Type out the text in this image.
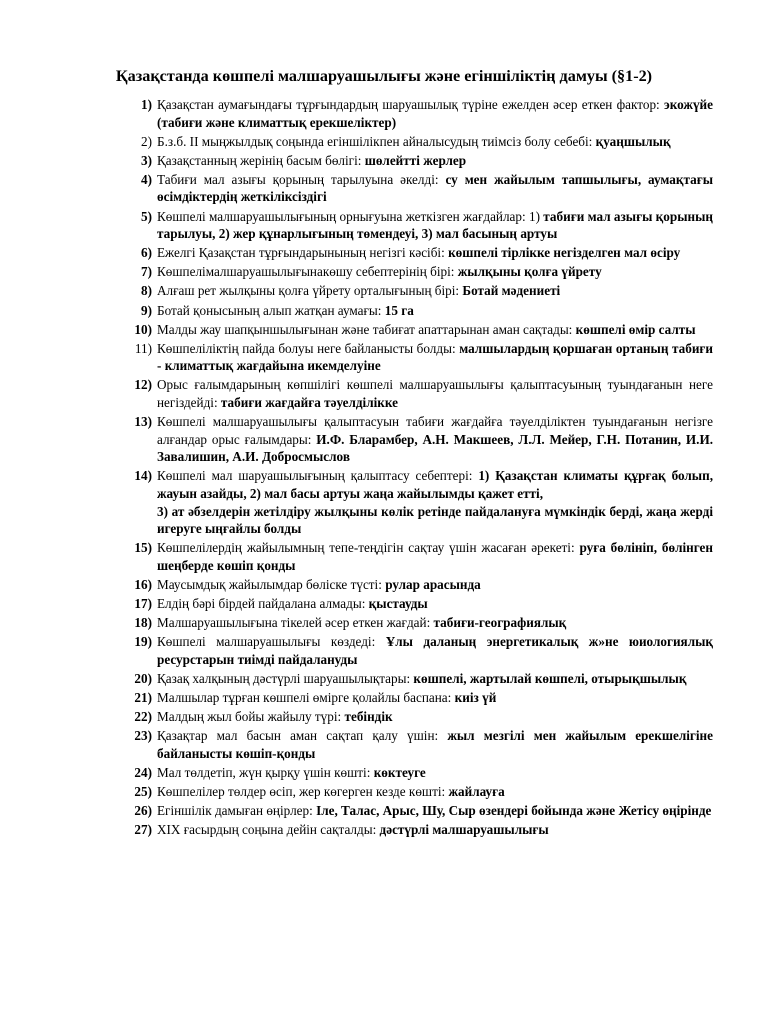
Қазақстанда көшпелі малшаруашылығы және егіншіліктің дамуы (§1-2)
1) Қазақстан аумағындағы тұрғындардың шаруашылық түріне ежелден әсер еткен фактор: экожүйе (табиғи және климаттық ерекшеліктер)
2) Б.з.б. II мыңжылдық соңында егіншілікпен айналысудың тиімсіз болу себебі: қуаңшылық
3) Қазақстанның жерінің басым бөлігі: шөлейтті жерлер
4) Табиғи мал азығы қорының тарылуына әкелді: су мен жайылым тапшылығы, аумақтағы өсімдіктердің жеткіліксіздігі
5) Көшпелі малшаруашылығының орнығуына жеткізген жағдайлар: 1) табиғи мал азығы қорының тарылуы, 2) жер құнарлығының төмендеуі, 3) мал басының артуы
6) Ежелгі Қазақстан тұрғындарынының негізгі кәсібі: көшпелі тірлікке негізделген мал өсіру
7) Көшпелімалшаруашылығынакөшу себептерінің бірі: жылқыны қолға үйрету
8) Алғаш рет жылқыны қолға үйрету орталығының бірі: Ботай мәдениеті
9) Ботай қонысының алып жатқан аумағы: 15 га
10) Малды жау шапқыншылығынан және табиғат апаттарынан аман сақтады: көшпелі өмір салты
11) Көшпеліліктің пайда болуы неге байланысты болды: малшылардың қоршаған ортаның табиғи - климаттық жағдайына икемделуіне
12) Орыс ғалымдарының көпшілігі көшпелі малшаруашылығы қалыптасуының туындағанын неге негіздейді: табиғи жағдайға тәуелділікке
13) Көшпелі малшаруашылығы қалыптасуын табиғи жағдайға тәуелділіктен туындағанын негізге алғандар орыс ғалымдары: И.Ф. Бларамбер, А.Н. Макшеев, Л.Л. Мейер, Г.Н. Потанин, И.И. Завалишин, А.И. Добросмыслов
14) Көшпелі мал шаруашылығының қалыптасу себептері: 1) Қазақстан климаты құрғақ болып, жауын азайды, 2) мал басы артуы жаңа жайылымды қажет етті,
3) ат әбзелдерін жетілдіру жылқыны көлік ретінде пайдалануға мүмкіндік берді, жаңа жерді игеруге ыңғайлы болды
15) Көшпелілердің жайылымның тепе-теңдігін сақтау үшін жасаған әрекеті: руға бөлініп, бөлінген шеңберде көшіп қонды
16) Маусымдық жайылымдар бөліске түсті: рулар арасында
17) Елдің бәрі бірдей пайдалана алмады: қыстауды
18) Малшаруашылығына тікелей әсер еткен жағдай: табиғи-географиялық
19) Көшпелі малшаруашылығы көздеді: Ұлы даланың энергетикалық ж»не юиологиялық ресурстарын тиімді пайдалануды
20) Қазақ халқының дәстүрлі шаруашылықтары: көшпелі, жартылай көшпелі, отырықшылық
21) Малшылар тұрған көшпелі өмірге қолайлы баспана: киіз үй
22) Малдың жыл бойы жайылу түрі: тебіндік
23) Қазақтар мал басын аман сақтап қалу үшін: жыл мезгілі мен жайылым ерекшелігіне байланысты көшіп-қонды
24) Мал төлдетіп, жүн қырқу үшін көшті: көктеуге
25) Көшпелілер төлдер өсіп, жер көгерген кезде көшті: жайлауға
26) Егіншілік дамыған өңірлер: Іле, Талас, Арыс, Шу, Сыр өзендері бойында және Жетісу өңірінде
27) ХІХ ғасырдың соңына дейін сақталды: дәстүрлі малшаруашылығы
